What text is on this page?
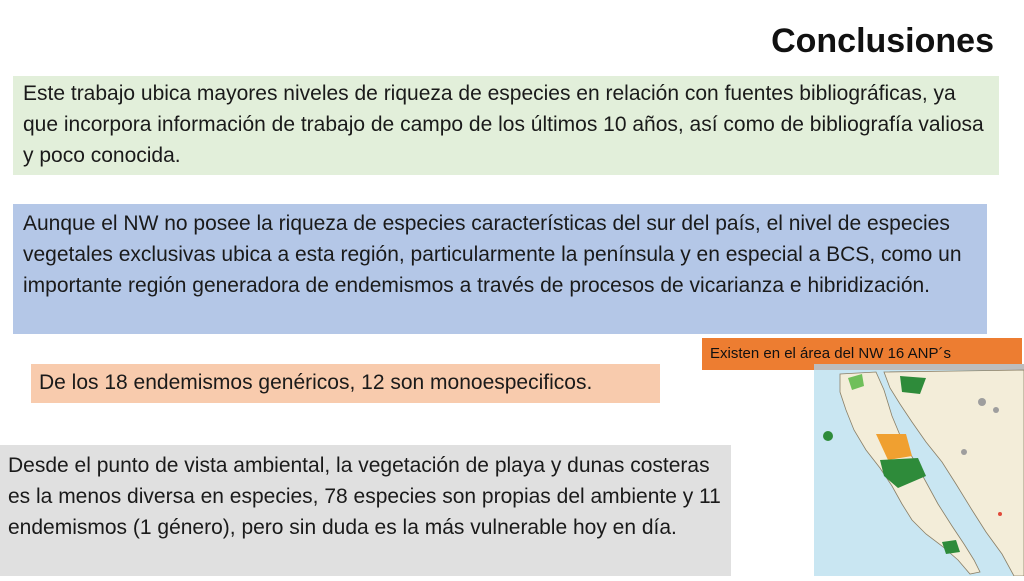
Conclusiones
Este trabajo ubica mayores niveles de riqueza de especies en relación con fuentes bibliográficas, ya que incorpora información de trabajo de campo de los últimos 10 años, así como de bibliografía valiosa y poco conocida.
Aunque el NW no posee la riqueza de especies características del sur del país, el nivel de especies vegetales exclusivas ubica a esta región, particularmente la península y en especial a BCS, como un importante región generadora de endemismos a través de procesos de vicarianza e hibridización.
De los 18 endemismos genéricos, 12 son monoespecificos.
Desde el punto de vista ambiental, la vegetación de playa y dunas costeras es la menos diversa en especies, 78 especies son propias del ambiente y 11 endemismos (1 género), pero sin duda es la más vulnerable hoy en día.
Existen en el área del NW 16 ANP´s
